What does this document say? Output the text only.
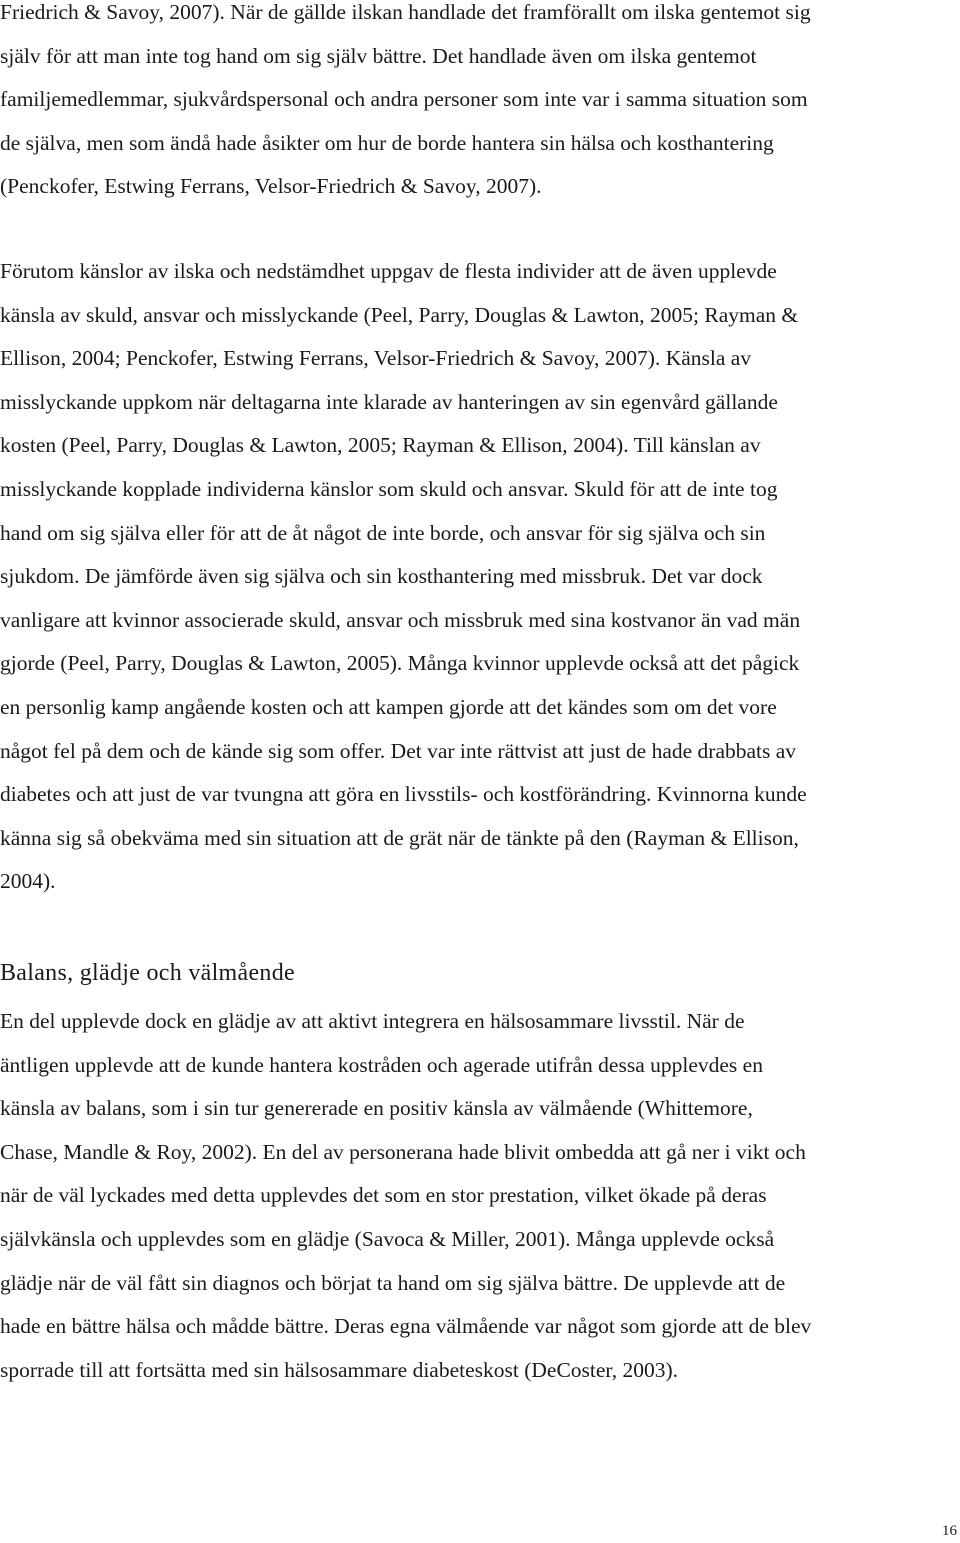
Friedrich & Savoy, 2007). När de gällde ilskan handlade det framförallt om ilska gentemot sig
själv för att man inte tog hand om sig själv bättre. Det handlade även om ilska gentemot
familjemedlemmar, sjukvårdspersonal och andra personer som inte var i samma situation som
de själva, men som ändå hade åsikter om hur de borde hantera sin hälsa och kosthantering
(Penckofer, Estwing Ferrans, Velsor-Friedrich & Savoy, 2007).

Förutom känslor av ilska och nedstämdhet uppgav de flesta individer att de även upplevde
känsla av skuld, ansvar och misslyckande (Peel, Parry, Douglas & Lawton, 2005; Rayman &
Ellison, 2004; Penckofer, Estwing Ferrans, Velsor-Friedrich & Savoy, 2007). Känsla av
misslyckande uppkom när deltagarna inte klarade av hanteringen av sin egenvård gällande
kosten (Peel, Parry, Douglas & Lawton, 2005; Rayman & Ellison, 2004). Till känslan av
misslyckande kopplade individerna känslor som skuld och ansvar. Skuld för att de inte tog
hand om sig själva eller för att de åt något de inte borde, och ansvar för sig själva och sin
sjukdom. De jämförde även sig själva och sin kosthantering med missbruk. Det var dock
vanligare att kvinnor associerade skuld, ansvar och missbruk med sina kostvanor än vad män
gjorde (Peel, Parry, Douglas & Lawton, 2005). Många kvinnor upplevde också att det pågick
en personlig kamp angående kosten och att kampen gjorde att det kändes som om det vore
något fel på dem och de kände sig som offer. Det var inte rättvist att just de hade drabbats av
diabetes och att just de var tvungna att göra en livsstils- och kostförändring. Kvinnorna kunde
känna sig så obekväma med sin situation att de grät när de tänkte på den (Rayman & Ellison,
2004).

Balans, glädje och välmående

En del upplevde dock en glädje av att aktivt integrera en hälsosammare livsstil. När de
äntligen upplevde att de kunde hantera kostråden och agerade utifrån dessa upplevdes en
känsla av balans, som i sin tur genererade en positiv känsla av välmående (Whittemore,
Chase, Mandle & Roy, 2002). En del av personerana hade blivit ombedda att gå ner i vikt och
när de väl lyckades med detta upplevdes det som en stor prestation, vilket ökade på deras
självkänsla och upplevdes som en glädje (Savoca & Miller, 2001). Många upplevde också
glädje när de väl fått sin diagnos och börjat ta hand om sig själva bättre. De upplevde att de
hade en bättre hälsa och mådde bättre. Deras egna välmående var något som gjorde att de blev
sporrade till att fortsätta med sin hälsosammare diabeteskost (DeCoster, 2003).

16
